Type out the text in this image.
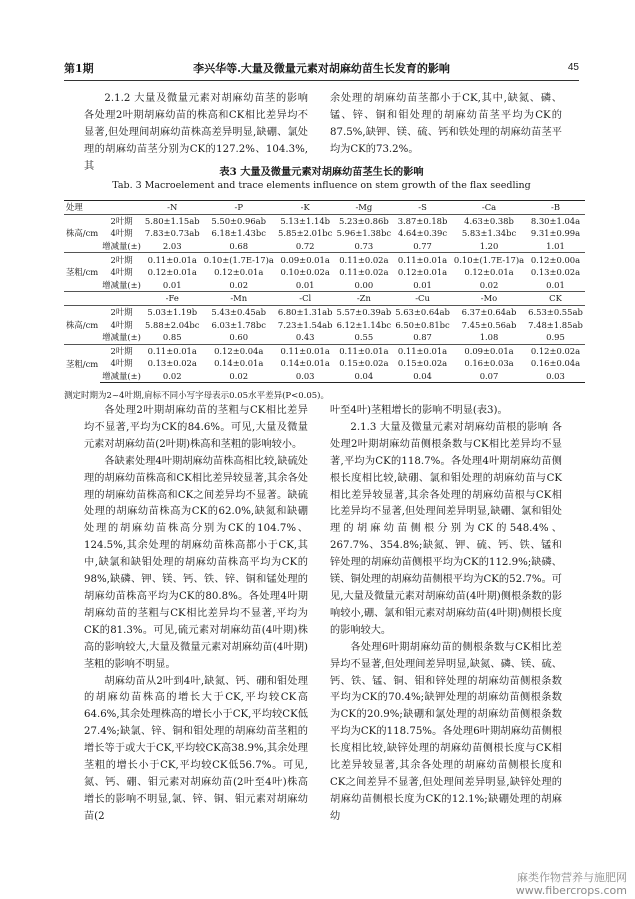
第1期	李兴华等.大量及微量元素对胡麻幼苗生长发育的影响	45

2.1.2 大量及微量元素对胡麻幼苗茎的影响 各处理2叶期胡麻幼苗的株高和CK相比差异均不显著,但处理间胡麻幼苗株高差异明显,缺硼、氯处理的胡麻幼苗茎分别为CK的127.2%、104.3%,其

余处理的胡麻幼苗茎都小于CK,其中,缺氮、磷、锰、锌、铜和钼处理的胡麻幼苗茎平均为CK的87.5%,缺钾、镁、硫、钙和铁处理的胡麻幼苗茎平均为CK的73.2%。

表3 大量及微量元素对胡麻幼苗茎生长的影响
Tab. 3 Macroelement and trace elements influence on stem growth of the flax seedling
处理		-N	-P	-K	-Mg	-S	-Ca	-B
株高/cm	2叶期	5.80±1.15ab	5.50±0.96ab	5.13±1.14b	5.23±0.86b	3.87±0.18b	4.63±0.38b	8.30±1.04a
	4叶期	7.83±0.73ab	6.18±1.43bc	5.85±2.01bc	5.96±1.38bc	4.64±0.39c	5.83±1.34bc	9.31±0.99a
	增减量(±)	2.03	0.68	0.72	0.73	0.77	1.20	1.01
茎粗/cm	2叶期	0.11±0.01a	0.10±(1.7E-17)a	0.09±0.01a	0.11±0.02a	0.11±0.01a	0.10±(1.7E-17)a	0.12±0.00a
	4叶期	0.12±0.01a	0.12±0.01a	0.10±0.02a	0.11±0.02a	0.12±0.01a	0.12±0.01a	0.13±0.02a
	增减量(±)	0.01	0.02	0.01	0.00	0.01	0.02	0.01
		-Fe	-Mn	-Cl	-Zn	-Cu	-Mo	CK
株高/cm	2叶期	5.03±1.19b	5.43±0.45ab	6.80±1.31ab	5.57±0.39ab	5.63±0.64ab	6.37±0.64ab	6.53±0.55ab
	4叶期	5.88±2.04bc	6.03±1.78bc	7.23±1.54ab	6.12±1.14bc	6.50±0.81bc	7.45±0.56ab	7.48±1.85ab
	增减量(±)	0.85	0.60	0.43	0.55	0.87	1.08	0.95
茎粗/cm	2叶期	0.11±0.01a	0.12±0.04a	0.11±0.01a	0.11±0.01a	0.11±0.01a	0.09±0.01a	0.12±0.02a
	4叶期	0.13±0.02a	0.14±0.01a	0.14±0.01a	0.15±0.02a	0.15±0.02a	0.16±0.03a	0.16±0.04a
	增减量(±)	0.02	0.02	0.03	0.04	0.04	0.07	0.03
测定时期为2~4叶期,肩标不同小写字母表示0.05水平差异(P<0.05)。

各处理2叶期胡麻幼苗的茎粗与CK相比差异均不显著,平均为CK的84.6%。可见,大量及微量元素对胡麻幼苗(2叶期)株高和茎粗的影响较小。

各缺素处理4叶期胡麻幼苗株高相比较,缺硫处理的胡麻幼苗株高和CK相比差异较显著,其余各处理的胡麻幼苗株高和CK之间差异均不显著。缺硫处理的胡麻幼苗株高为CK的62.0%,缺氮和缺硼处理的胡麻幼苗株高分别为CK的104.7%、124.5%,其余处理的胡麻幼苗株高都小于CK,其中,缺氯和缺钼处理的胡麻幼苗株高平均为CK的98%,缺磷、钾、镁、钙、铁、锌、铜和锰处理的胡麻幼苗株高平均为CK的80.8%。各处理4叶期胡麻幼苗的茎粗与CK相比差异均不显著,平均为CK的81.3%。可见,硫元素对胡麻幼苗(4叶期)株高的影响较大,大量及微量元素对胡麻幼苗(4叶期)茎粗的影响不明显。

胡麻幼苗从2叶到4叶,缺氮、钙、硼和钼处理的胡麻幼苗株高的增长大于CK,平均较CK高64.6%,其余处理株高的增长小于CK,平均较CK低27.4%;缺氯、锌、铜和钼处理的胡麻幼苗茎粗的增长等于或大于CK,平均较CK高38.9%,其余处理茎粗的增长小于CK,平均较CK低56.7%。可见,氮、钙、硼、钼元素对胡麻幼苗(2叶至4叶)株高增长的影响不明显,氯、锌、铜、钼元素对胡麻幼苗(2

叶至4叶)茎粗增长的影响不明显(表3)。

2.1.3 大量及微量元素对胡麻幼苗根的影响 各处理2叶期胡麻幼苗侧根条数与CK相比差异均不显著,平均为CK的118.7%。各处理4叶期胡麻幼苗侧根长度相比较,缺硼、氯和钼处理的胡麻幼苗与CK相比差异较显著,其余各处理的胡麻幼苗根与CK相比差异均不显著,但处理间差异明显,缺硼、氯和钼处理的胡麻幼苗侧根分别为CK的548.4%、267.7%、354.8%;缺氮、钾、硫、钙、铁、锰和锌处理的胡麻幼苗侧根平均为CK的112.9%;缺磷、镁、铜处理的胡麻幼苗侧根平均为CK的52.7%。可见,大量及微量元素对胡麻幼苗(4叶期)侧根条数的影响较小,硼、氯和钼元素对胡麻幼苗(4叶期)侧根长度的影响较大。

各处理6叶期胡麻幼苗的侧根条数与CK相比差异均不显著,但处理间差异明显,缺氮、磷、镁、硫、钙、铁、锰、铜、钼和锌处理的胡麻幼苗侧根条数平均为CK的70.4%;缺钾处理的胡麻幼苗侧根条数为CK的20.9%;缺硼和氯处理的胡麻幼苗侧根条数平均为CK的118.75%。各处理6叶期胡麻幼苗侧根长度相比较,缺锌处理的胡麻幼苗侧根长度与CK相比差异较显著,其余各处理的胡麻幼苗侧根长度和CK之间差异不显著,但处理间差异明显,缺锌处理的胡麻幼苗侧根长度为CK的12.1%;缺硼处理的胡麻幼

麻类作物营养与施肥网
www.fibercrops.com
